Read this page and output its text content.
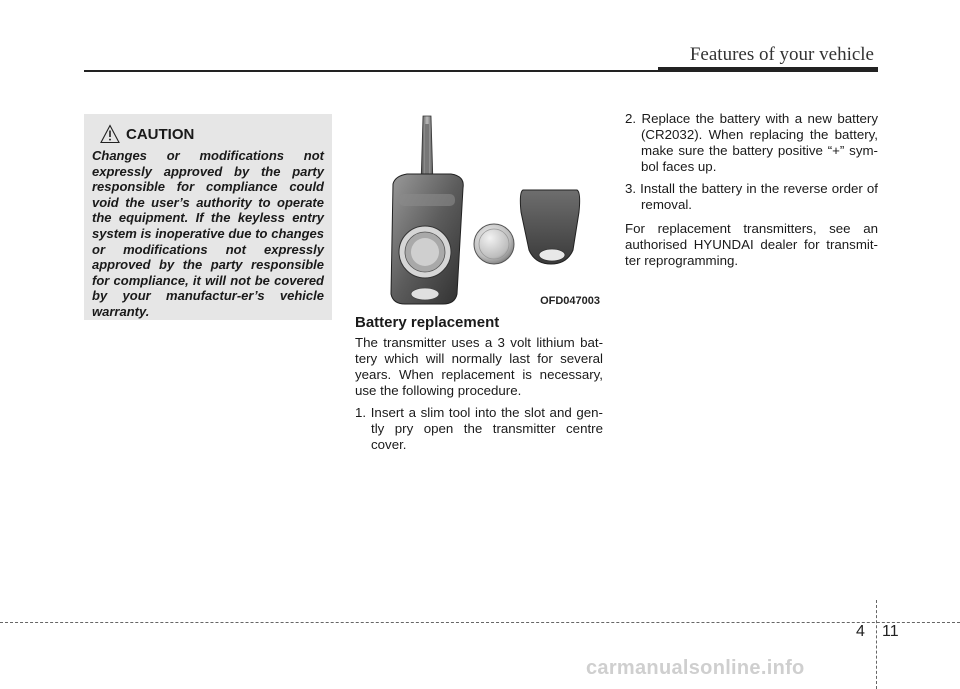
Features of your vehicle
CAUTION

Changes or modifications not expressly approved by the party responsible for compliance could void the user’s authority to operate the equipment. If the keyless entry system is inoperative due to changes or modifications not expressly approved by the party responsible for compliance, it will not be covered by your manufactur-er’s vehicle warranty.

OFD047003
Battery replacement

The transmitter uses a 3 volt lithium bat-tery which will normally last for several years. When replacement is necessary, use the following procedure.

1. Insert a slim tool into the slot and gen-tly pry open the transmitter centre cover.
2. Replace the battery with a new battery (CR2032). When replacing the battery, make sure the battery positive “+” sym-bol faces up.
3. Install the battery in the reverse order of removal.

For replacement transmitters, see an authorised HYUNDAI dealer for transmit-ter reprogramming.

4 11
carmanualsonline.info
